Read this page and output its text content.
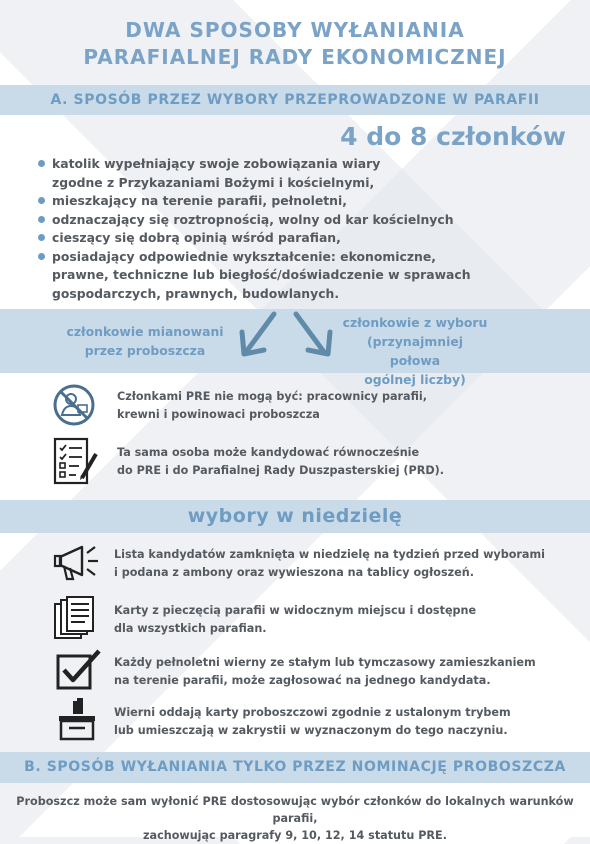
DWA SPOSOBY WYŁANIANIA
PARAFIALNEJ RADY EKONOMICZNEJ
A. SPOSÓB PRZEZ WYBORY PRZEPROWADZONE W PARAFII
4 do 8 członków
katolik wypełniający swoje zobowiązania wiary
zgodne z Przykazaniami Bożymi i kościelnymi,
mieszkający na terenie parafii, pełnoletni,
odznaczający się roztropnością, wolny od kar kościelnych
cieszący się dobrą opinią wśród parafian,
posiadający odpowiednie wykształcenie: ekonomiczne,
prawne, techniczne lub biegłość/doświadczenie w sprawach
gospodarczych, prawnych, budowlanych.
członkowie mianowani
przez proboszcza
członkowie z wyboru
(przynajmniej połowa
ogólnej liczby)
Członkami PRE nie mogą być: pracownicy parafii,
krewni i powinowaci proboszcza
Ta sama osoba może kandydować równocześnie
do PRE i do Parafialnej Rady Duszpasterskiej (PRD).
wybory w niedzielę
Lista kandydatów zamknięta w niedzielę na tydzień przed wyborami
i podana z ambony oraz wywieszona na tablicy ogłoszeń.
Karty z pieczęcią parafii w widocznym miejscu i dostępne
dla wszystkich parafian.
Każdy pełnoletni wierny ze stałym lub tymczasowy zamieszkaniem
na terenie parafii, może zagłosować na jednego kandydata.
Wierni oddają karty proboszczowi zgodnie z ustalonym trybem
lub umieszczają w zakrystii w wyznaczonym do tego naczyniu.
B. SPOSÓB WYŁANIANIA TYLKO PRZEZ NOMINACJĘ PROBOSZCZA
Proboszcz może sam wyłonić PRE dostosowując wybór członków do lokalnych warunków parafii,
zachowując paragrafy 9, 10, 12, 14 statutu PRE.
